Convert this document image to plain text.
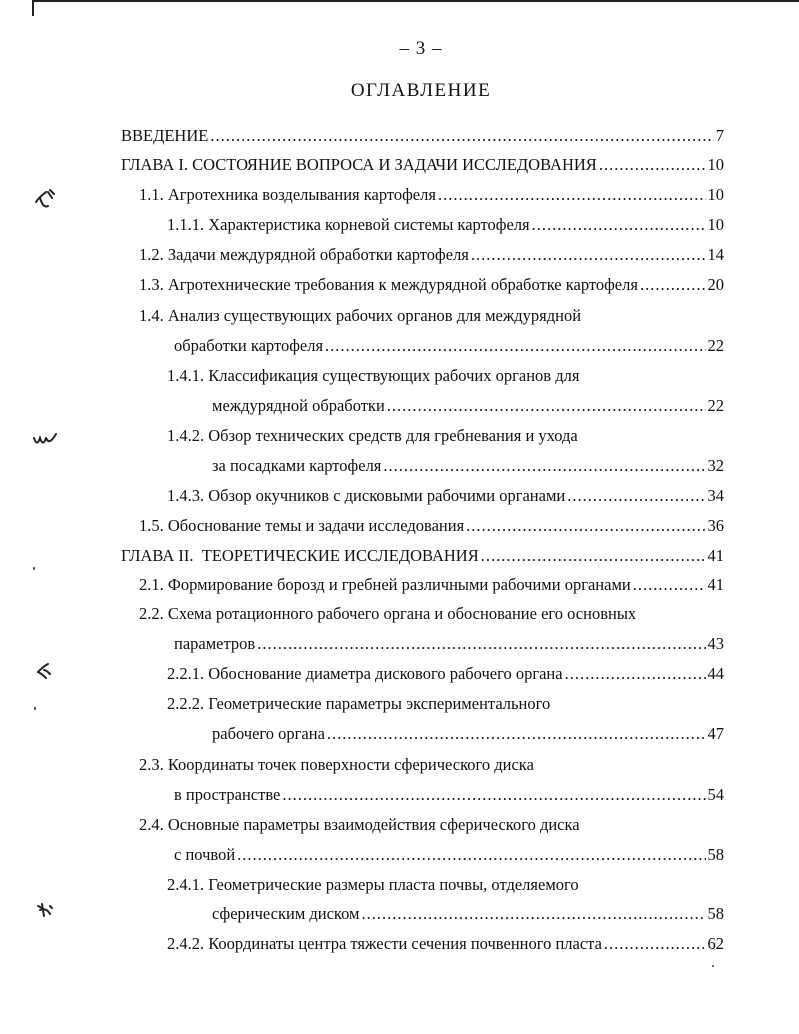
– 3 –
ОГЛАВЛЕНИЕ
ВВЕДЕНИЕ .....	7
ГЛАВА I. СОСТОЯНИЕ ВОПРОСА И ЗАДАЧИ ИССЛЕДОВАНИЯ .....	10
1.1. Агротехника возделывания картофеля .....	10
1.1.1. Характеристика корневой системы картофеля .....	10
1.2. Задачи междурядной обработки картофеля .....	14
1.3. Агротехнические требования к междурядной обработке картофеля .....	20
1.4. Анализ существующих рабочих органов для междурядной
обработки картофеля .....	22
1.4.1. Классификация существующих рабочих органов для
междурядной обработки .....	22
1.4.2. Обзор технических средств для гребневания и ухода
за посадками картофеля .....	32
1.4.3. Обзор окучников с дисковыми рабочими органами .....	34
1.5. Обоснование темы и задачи исследования .....	36
ГЛАВА II.  ТЕОРЕТИЧЕСКИЕ ИССЛЕДОВАНИЯ .....	41
2.1. Формирование борозд и гребней различными рабочими органами .....	41
2.2. Схема ротационного рабочего органа и обоснование его основных
параметров .....	43
2.2.1. Обоснование диаметра дискового рабочего органа .....	44
2.2.2. Геометрические параметры экспериментального
рабочего органа .....	47
2.3. Координаты точек поверхности сферического диска
в пространстве .....	54
2.4. Основные параметры взаимодействия сферического диска
с почвой .....	58
2.4.1. Геометрические размеры пласта почвы, отделяемого
сферическим диском .....	58
2.4.2. Координаты центра тяжести сечения почвенного пласта .....	62
